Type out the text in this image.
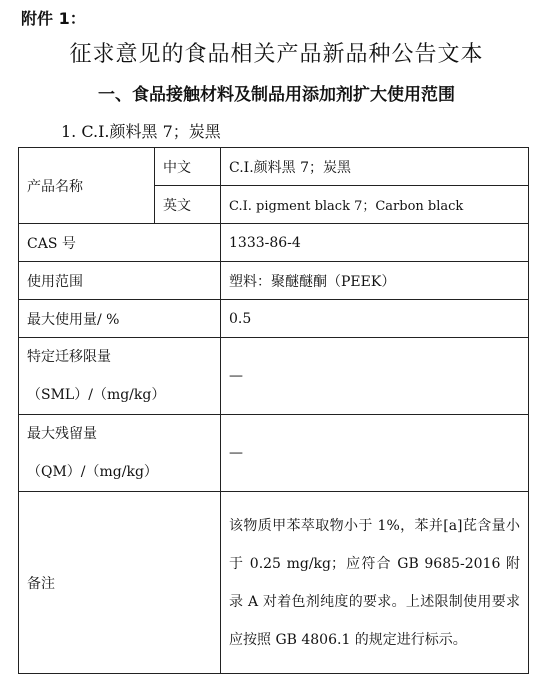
附件 1：
征求意见的食品相关产品新品种公告文本
一、食品接触材料及制品用添加剂扩大使用范围
1. C.I.颜料黑 7；炭黑
产品名称	中文	C.I.颜料黑 7；炭黑
	英文	C.I. pigment black 7；Carbon black
CAS 号		1333-86-4
使用范围		塑料：聚醚醚酮（PEEK）
最大使用量/ %		0.5

特定迁移限量
（SML）/（mg/kg）		—

最大残留量
（QM）/（mg/kg）		—
备注		该物质甲苯萃取物小于 1%，苯并[a]芘含量小于 0.25 mg/kg；应符合 GB 9685-2016 附录 A 对着色剂纯度的要求。上述限制使用要求应按照 GB 4806.1 的规定进行标示。
